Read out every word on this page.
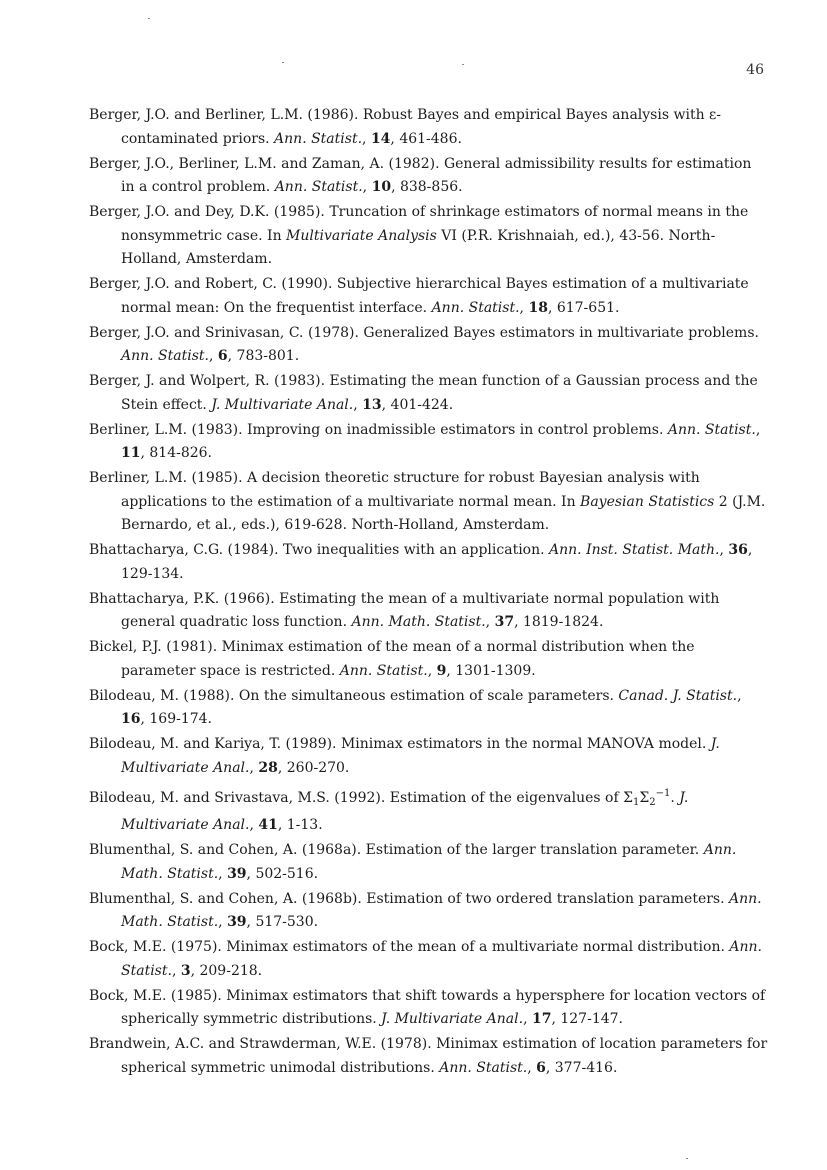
46

Berger, J.O. and Berliner, L.M. (1986). Robust Bayes and empirical Bayes analysis with ε-contaminated priors. Ann. Statist., 14, 461-486.

Berger, J.O., Berliner, L.M. and Zaman, A. (1982). General admissibility results for estimation in a control problem. Ann. Statist., 10, 838-856.

Berger, J.O. and Dey, D.K. (1985). Truncation of shrinkage estimators of normal means in the nonsymmetric case. In Multivariate Analysis VI (P.R. Krishnaiah, ed.), 43-56. North-Holland, Amsterdam.

Berger, J.O. and Robert, C. (1990). Subjective hierarchical Bayes estimation of a multivariate normal mean: On the frequentist interface. Ann. Statist., 18, 617-651.

Berger, J.O. and Srinivasan, C. (1978). Generalized Bayes estimators in multivariate problems. Ann. Statist., 6, 783-801.

Berger, J. and Wolpert, R. (1983). Estimating the mean function of a Gaussian process and the Stein effect. J. Multivariate Anal., 13, 401-424.

Berliner, L.M. (1983). Improving on inadmissible estimators in control problems. Ann. Statist., 11, 814-826.

Berliner, L.M. (1985). A decision theoretic structure for robust Bayesian analysis with applications to the estimation of a multivariate normal mean. In Bayesian Statistics 2 (J.M. Bernardo, et al., eds.), 619-628. North-Holland, Amsterdam.

Bhattacharya, C.G. (1984). Two inequalities with an application. Ann. Inst. Statist. Math., 36, 129-134.

Bhattacharya, P.K. (1966). Estimating the mean of a multivariate normal population with general quadratic loss function. Ann. Math. Statist., 37, 1819-1824.

Bickel, P.J. (1981). Minimax estimation of the mean of a normal distribution when the parameter space is restricted. Ann. Statist., 9, 1301-1309.

Bilodeau, M. (1988). On the simultaneous estimation of scale parameters. Canad. J. Statist., 16, 169-174.

Bilodeau, M. and Kariya, T. (1989). Minimax estimators in the normal MANOVA model. J. Multivariate Anal., 28, 260-270.

Bilodeau, M. and Srivastava, M.S. (1992). Estimation of the eigenvalues of $\Sigma_1\Sigma_2^{-1}$. J. Multivariate Anal., 41, 1-13.

Blumenthal, S. and Cohen, A. (1968a). Estimation of the larger translation parameter. Ann. Math. Statist., 39, 502-516.

Blumenthal, S. and Cohen, A. (1968b). Estimation of two ordered translation parameters. Ann. Math. Statist., 39, 517-530.

Bock, M.E. (1975). Minimax estimators of the mean of a multivariate normal distribution. Ann. Statist., 3, 209-218.

Bock, M.E. (1985). Minimax estimators that shift towards a hypersphere for location vectors of spherically symmetric distributions. J. Multivariate Anal., 17, 127-147.

Brandwein, A.C. and Strawderman, W.E. (1978). Minimax estimation of location parameters for spherical symmetric unimodal distributions. Ann. Statist., 6, 377-416.
